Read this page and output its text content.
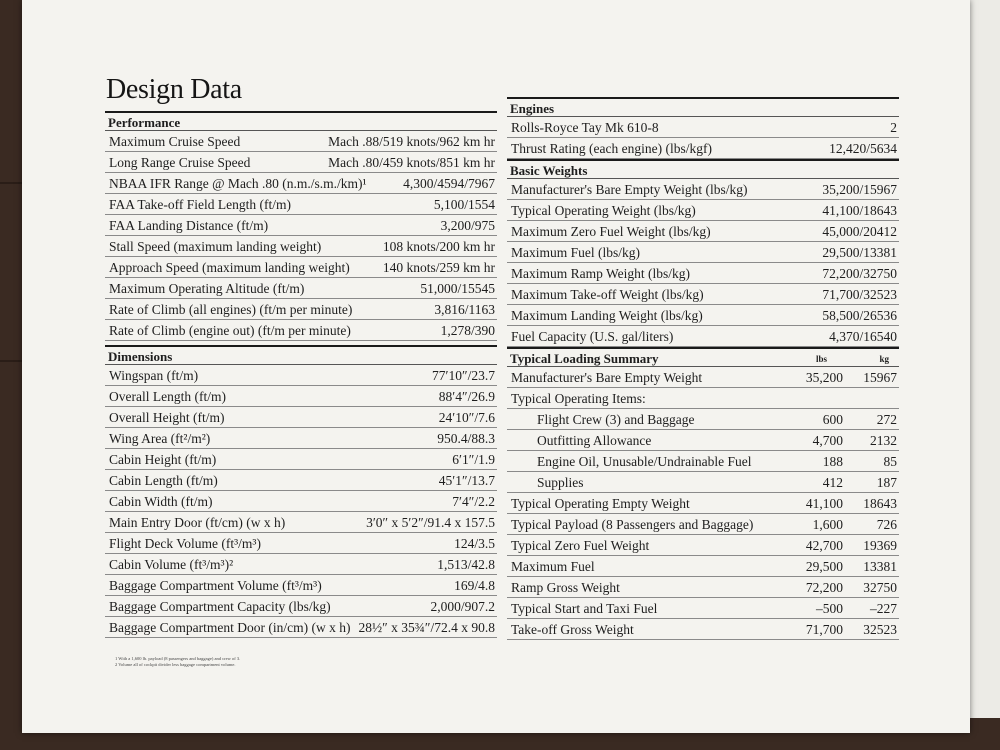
Design Data
Performance
Maximum Cruise Speed	Mach .88/519 knots/962 km hr
Long Range Cruise Speed	Mach .80/459 knots/851 km hr
NBAA IFR Range @ Mach .80 (n.m./s.m./km)¹	4,300/4594/7967
FAA Take-off Field Length (ft/m)	5,100/1554
FAA Landing Distance (ft/m)	3,200/975
Stall Speed (maximum landing weight)	108 knots/200 km hr
Approach Speed (maximum landing weight) 140 knots/259 km hr
Maximum Operating Altitude (ft/m)	51,000/15545
Rate of Climb (all engines) (ft/m per minute)	3,816/1163
Rate of Climb (engine out) (ft/m per minute)	1,278/390
Dimensions
Wingspan (ft/m)	77′10″/23.7
Overall Length (ft/m)	88′4″/26.9
Overall Height (ft/m)	24′10″/7.6
Wing Area (ft²/m²)	950.4/88.3
Cabin Height (ft/m)	6′1″/1.9
Cabin Length (ft/m)	45′1″/13.7
Cabin Width (ft/m)	7′4″/2.2
Main Entry Door (ft/cm) (w x h)	3′0″ x 5′2″/91.4 x 157.5
Flight Deck Volume (ft³/m³)	124/3.5
Cabin Volume (ft³/m³)²	1,513/42.8
Baggage Compartment Volume (ft³/m³)	169/4.8
Baggage Compartment Capacity (lbs/kg)	2,000/907.2
Baggage Compartment Door (in/cm) (w x h) 28½″ x 35¾″/72.4 x 90.8
1 With a 1,600 lb. payload (8 passengers and baggage) and crew of 3.
2 Volume all of cockpit divider less baggage compartment volume.
Engines
Rolls-Royce Tay Mk 610-8	2
Thrust Rating (each engine) (lbs/kgf)	12,420/5634
Basic Weights
Manufacturer's Bare Empty Weight (lbs/kg)	35,200/15967
Typical Operating Weight (lbs/kg)	41,100/18643
Maximum Zero Fuel Weight (lbs/kg)	45,000/20412
Maximum Fuel (lbs/kg)	29,500/13381
Maximum Ramp Weight (lbs/kg)	72,200/32750
Maximum Take-off Weight (lbs/kg)	71,700/32523
Maximum Landing Weight (lbs/kg)	58,500/26536
Fuel Capacity (U.S. gal/liters)	4,370/16540
Typical Loading Summary	lbs	kg
Manufacturer's Bare Empty Weight	35,200 15967
Typical Operating Items:
Flight Crew (3) and Baggage	600	272
Outfitting Allowance	4,700 2132
Engine Oil, Unusable/Undrainable Fuel	188	85
Supplies	412	187
Typical Operating Empty Weight	41,100 18643
Typical Payload (8 Passengers and Baggage)	1,600	726
Typical Zero Fuel Weight	42,700 19369
Maximum Fuel	29,500 13381
Ramp Gross Weight	72,200 32750
Typical Start and Taxi Fuel	–500 –227
Take-off Gross Weight	71,700 32523
